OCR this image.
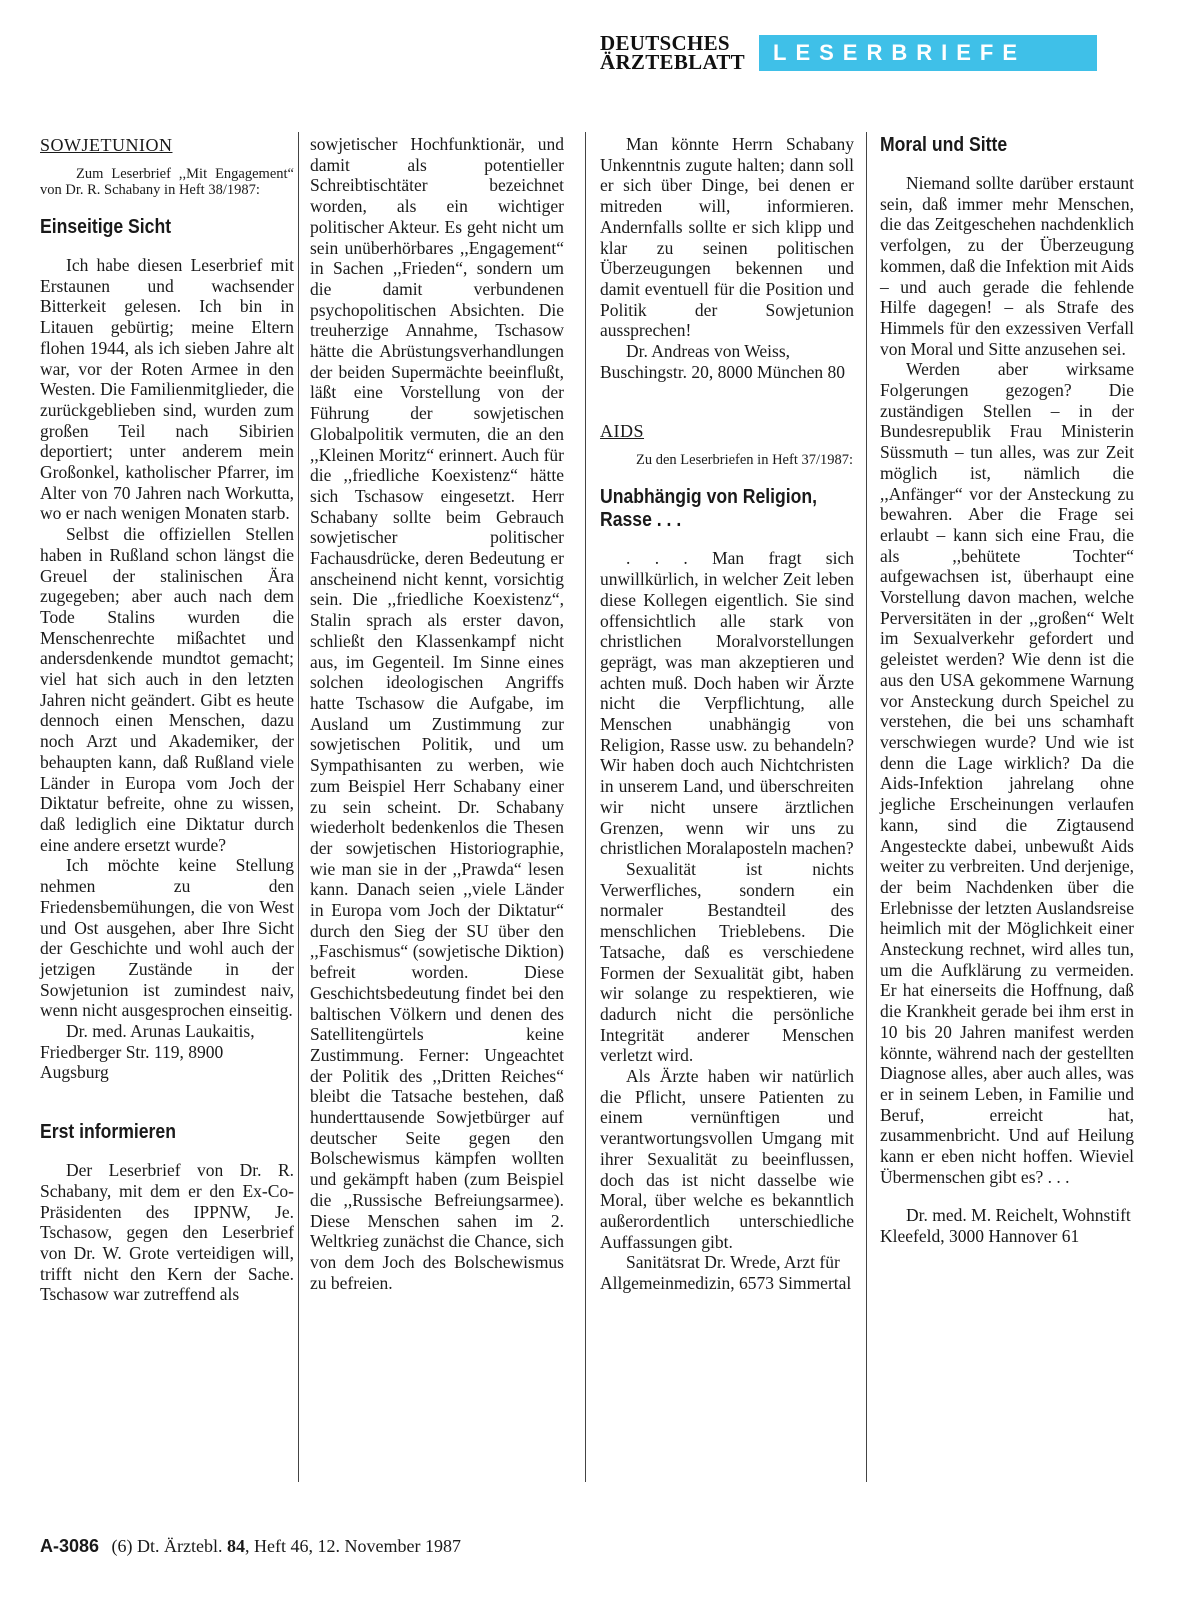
DEUTSCHES
ÄRZTEBLATT	LESERBRIEFE
SOWJETUNION
Zum Leserbrief ,,Mit Engagement“ von Dr. R. Schabany in Heft 38/1987:
Einseitige Sicht

Ich habe diesen Leserbrief mit Erstaunen und wachsender Bitterkeit gelesen. Ich bin in Litauen gebürtig; meine Eltern flohen 1944, als ich sieben Jahre alt war, vor der Roten Armee in den Westen. Die Familienmitglieder, die zurückgeblieben sind, wurden zum großen Teil nach Sibirien deportiert; unter anderem mein Großonkel, katholischer Pfarrer, im Alter von 70 Jahren nach Workutta, wo er nach wenigen Monaten starb.

Selbst die offiziellen Stellen haben in Rußland schon längst die Greuel der stalinischen Ära zugegeben; aber auch nach dem Tode Stalins wurden die Menschenrechte mißachtet und andersdenkende mundtot gemacht; viel hat sich auch in den letzten Jahren nicht geändert. Gibt es heute dennoch einen Menschen, dazu noch Arzt und Akademiker, der behaupten kann, daß Rußland viele Länder in Europa vom Joch der Diktatur befreite, ohne zu wissen, daß lediglich eine Diktatur durch eine andere ersetzt wurde?

Ich möchte keine Stellung nehmen zu den Friedensbemühungen, die von West und Ost ausgehen, aber Ihre Sicht der Geschichte und wohl auch der jetzigen Zustände in der Sowjetunion ist zumindest naiv, wenn nicht ausgesprochen einseitig.

Dr. med. Arunas Laukaitis, Friedberger Str. 119, 8900 Augsburg

Erst informieren

Der Leserbrief von Dr. R. Schabany, mit dem er den Ex-Co-Präsidenten des IPPNW, Je. Tschasow, gegen den Leserbrief von Dr. W. Grote verteidigen will, trifft nicht den Kern der Sache. Tschasow war zutreffend als

sowjetischer Hochfunktionär, und damit als potentieller Schreibtischtäter bezeichnet worden, als ein wichtiger politischer Akteur. Es geht nicht um sein unüberhörbares ,,Engagement“ in Sachen ,,Frieden“, sondern um die damit verbundenen psychopolitischen Absichten. Die treuherzige Annahme, Tschasow hätte die Abrüstungsverhandlungen der beiden Supermächte beeinflußt, läßt eine Vorstellung von der Führung der sowjetischen Globalpolitik vermuten, die an den ,,Kleinen Moritz“ erinnert. Auch für die ,,friedliche Koexistenz“ hätte sich Tschasow eingesetzt. Herr Schabany sollte beim Gebrauch sowjetischer politischer Fachausdrücke, deren Bedeutung er anscheinend nicht kennt, vorsichtig sein. Die ,,friedliche Koexistenz“, Stalin sprach als erster davon, schließt den Klassenkampf nicht aus, im Gegenteil. Im Sinne eines solchen ideologischen Angriffs hatte Tschasow die Aufgabe, im Ausland um Zustimmung zur sowjetischen Politik, und um Sympathisanten zu werben, wie zum Beispiel Herr Schabany einer zu sein scheint. Dr. Schabany wiederholt bedenkenlos die Thesen der sowjetischen Historiographie, wie man sie in der ,,Prawda“ lesen kann. Danach seien ,,viele Länder in Europa vom Joch der Diktatur“ durch den Sieg der SU über den ,,Faschismus“ (sowjetische Diktion) befreit worden. Diese Geschichtsbedeutung findet bei den baltischen Völkern und denen des Satellitengürtels keine Zustimmung. Ferner: Ungeachtet der Politik des ,,Dritten Reiches“ bleibt die Tatsache bestehen, daß hunderttausende Sowjetbürger auf deutscher Seite gegen den Bolschewismus kämpfen wollten und gekämpft haben (zum Beispiel die ,,Russische Befreiungsarmee). Diese Menschen sahen im 2. Weltkrieg zunächst die Chance, sich von dem Joch des Bolschewismus zu befreien.

Man könnte Herrn Schabany Unkenntnis zugute halten; dann soll er sich über Dinge, bei denen er mitreden will, informieren. Andernfalls sollte er sich klipp und klar zu seinen politischen Überzeugungen bekennen und damit eventuell für die Position und Politik der Sowjetunion aussprechen!

Dr. Andreas von Weiss, Buschingstr. 20, 8000 München 80

AIDS
Zu den Leserbriefen in Heft 37/1987:
Unabhängig von Religion, Rasse . . .

. . . Man fragt sich unwillkürlich, in welcher Zeit leben diese Kollegen eigentlich. Sie sind offensichtlich alle stark von christlichen Moralvorstellungen geprägt, was man akzeptieren und achten muß. Doch haben wir Ärzte nicht die Verpflichtung, alle Menschen unabhängig von Religion, Rasse usw. zu behandeln? Wir haben doch auch Nichtchristen in unserem Land, und überschreiten wir nicht unsere ärztlichen Grenzen, wenn wir uns zu christlichen Moralaposteln machen?

Sexualität ist nichts Verwerfliches, sondern ein normaler Bestandteil des menschlichen Trieblebens. Die Tatsache, daß es verschiedene Formen der Sexualität gibt, haben wir solange zu respektieren, wie dadurch nicht die persönliche Integrität anderer Menschen verletzt wird.

Als Ärzte haben wir natürlich die Pflicht, unsere Patienten zu einem vernünftigen und verantwortungsvollen Umgang mit ihrer Sexualität zu beeinflussen, doch das ist nicht dasselbe wie Moral, über welche es bekanntlich außerordentlich unterschiedliche Auffassungen gibt.

Sanitätsrat Dr. Wrede, Arzt für Allgemeinmedizin, 6573 Simmertal

Moral und Sitte

Niemand sollte darüber erstaunt sein, daß immer mehr Menschen, die das Zeitgeschehen nachdenklich verfolgen, zu der Überzeugung kommen, daß die Infektion mit Aids – und auch gerade die fehlende Hilfe dagegen! – als Strafe des Himmels für den exzessiven Verfall von Moral und Sitte anzusehen sei.

Werden aber wirksame Folgerungen gezogen? Die zuständigen Stellen – in der Bundesrepublik Frau Ministerin Süssmuth – tun alles, was zur Zeit möglich ist, nämlich die ,,Anfänger“ vor der Ansteckung zu bewahren. Aber die Frage sei erlaubt – kann sich eine Frau, die als ,,behütete Tochter“ aufgewachsen ist, überhaupt eine Vorstellung davon machen, welche Perversitäten in der ,,großen“ Welt im Sexualverkehr gefordert und geleistet werden? Wie denn ist die aus den USA gekommene Warnung vor Ansteckung durch Speichel zu verstehen, die bei uns schamhaft verschwiegen wurde? Und wie ist denn die Lage wirklich? Da die Aids-Infektion jahrelang ohne jegliche Erscheinungen verlaufen kann, sind die Zigtausend Angesteckte dabei, unbewußt Aids weiter zu verbreiten. Und derjenige, der beim Nachdenken über die Erlebnisse der letzten Auslandsreise heimlich mit der Möglichkeit einer Ansteckung rechnet, wird alles tun, um die Aufklärung zu vermeiden. Er hat einerseits die Hoffnung, daß die Krankheit gerade bei ihm erst in 10 bis 20 Jahren manifest werden könnte, während nach der gestellten Diagnose alles, aber auch alles, was er in seinem Leben, in Familie und Beruf, erreicht hat, zusammenbricht. Und auf Heilung kann er eben nicht hoffen. Wieviel Übermenschen gibt es? . . .

Dr. med. M. Reichelt, Wohnstift Kleefeld, 3000 Hannover 61

A-3086 (6) Dt. Ärztebl. 84, Heft 46, 12. November 1987
